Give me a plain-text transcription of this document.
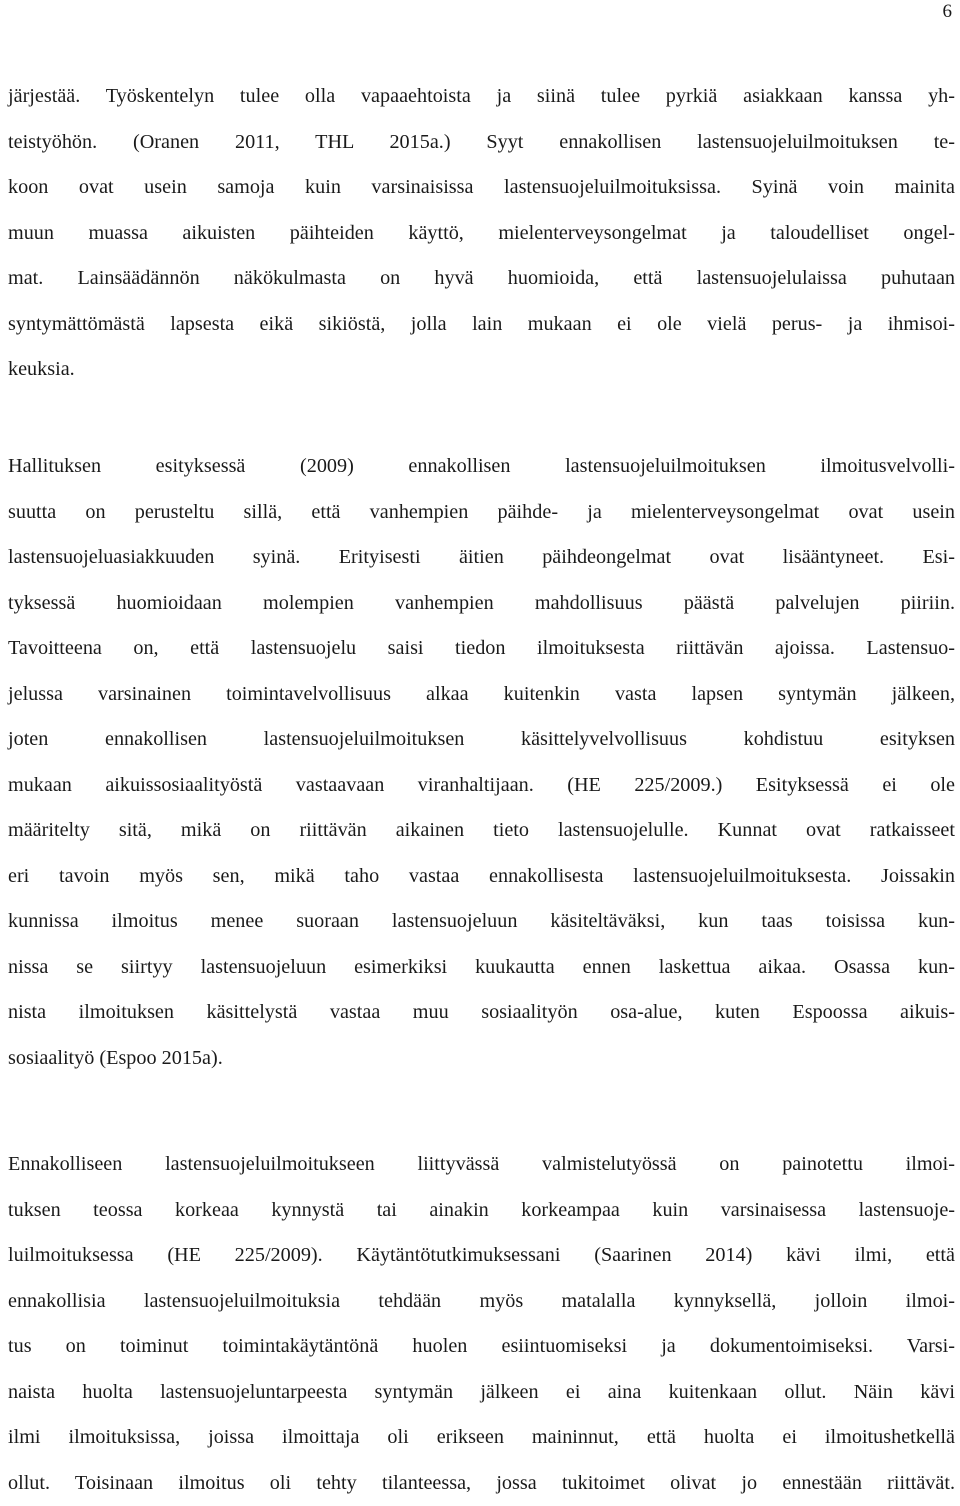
6
järjestää. Työskentelyn tulee olla vapaaehtoista ja siinä tulee pyrkiä asiakkaan kanssa yh-
teistyöhön. (Oranen 2011, THL 2015a.) Syyt ennakollisen lastensuojeluilmoituksen te-
koon ovat usein samoja kuin varsinaisissa lastensuojeluilmoituksissa. Syinä voin mainita
muun muassa aikuisten päihteiden käyttö, mielenterveysongelmat ja taloudelliset ongel-
mat. Lainsäädännön näkökulmasta on hyvä huomioida, että lastensuojelulaissa puhutaan
syntymättömästä lapsesta eikä sikiöstä, jolla lain mukaan ei ole vielä perus- ja ihmisoi-
keuksia.
Hallituksen esityksessä (2009) ennakollisen lastensuojeluilmoituksen ilmoitusvelvolli-
suutta on perusteltu sillä, että vanhempien päihde- ja mielenterveysongelmat ovat usein
lastensuojeluasiakkuuden syinä. Erityisesti äitien päihdeongelmat ovat lisääntyneet. Esi-
tyksessä huomioidaan molempien vanhempien mahdollisuus päästä palvelujen piiriin.
Tavoitteena on, että lastensuojelu saisi tiedon ilmoituksesta riittävän ajoissa. Lastensuo-
jelussa varsinainen toimintavelvollisuus alkaa kuitenkin vasta lapsen syntymän jälkeen,
joten ennakollisen lastensuojeluilmoituksen käsittelyvelvollisuus kohdistuu esityksen
mukaan aikuissosiaalityöstä vastaavaan viranhaltijaan. (HE 225/2009.) Esityksessä ei ole
määritelty sitä, mikä on riittävän aikainen tieto lastensuojelulle. Kunnat ovat ratkaisseet
eri tavoin myös sen, mikä taho vastaa ennakollisesta lastensuojeluilmoituksesta. Joissakin
kunnissa ilmoitus menee suoraan lastensuojeluun käsiteltäväksi, kun taas toisissa kun-
nissa se siirtyy lastensuojeluun esimerkiksi kuukautta ennen laskettua aikaa. Osassa kun-
nista ilmoituksen käsittelystä vastaa muu sosiaalityön osa-alue, kuten Espoossa aikuis-
sosiaalityö (Espoo 2015a).
Ennakolliseen lastensuojeluilmoitukseen liittyvässä valmistelutyössä on painotettu ilmoi-
tuksen teossa korkeaa kynnystä tai ainakin korkeampaa kuin varsinaisessa lastensuoje-
luilmoituksessa (HE 225/2009). Käytäntötutkimuksessani (Saarinen 2014) kävi ilmi, että
ennakollisia lastensuojeluilmoituksia tehdään myös matalalla kynnyksellä, jolloin ilmoi-
tus on toiminut toimintakäytäntönä huolen esiintuomiseksi ja dokumentoimiseksi. Varsi-
naista huolta lastensuojeluntarpeesta syntymän jälkeen ei aina kuitenkaan ollut. Näin kävi
ilmi ilmoituksissa, joissa ilmoittaja oli erikseen maininnut, että huolta ei ilmoitushetkellä
ollut. Toisinaan ilmoitus oli tehty tilanteessa, jossa tukitoimet olivat jo ennestään riittävät.
